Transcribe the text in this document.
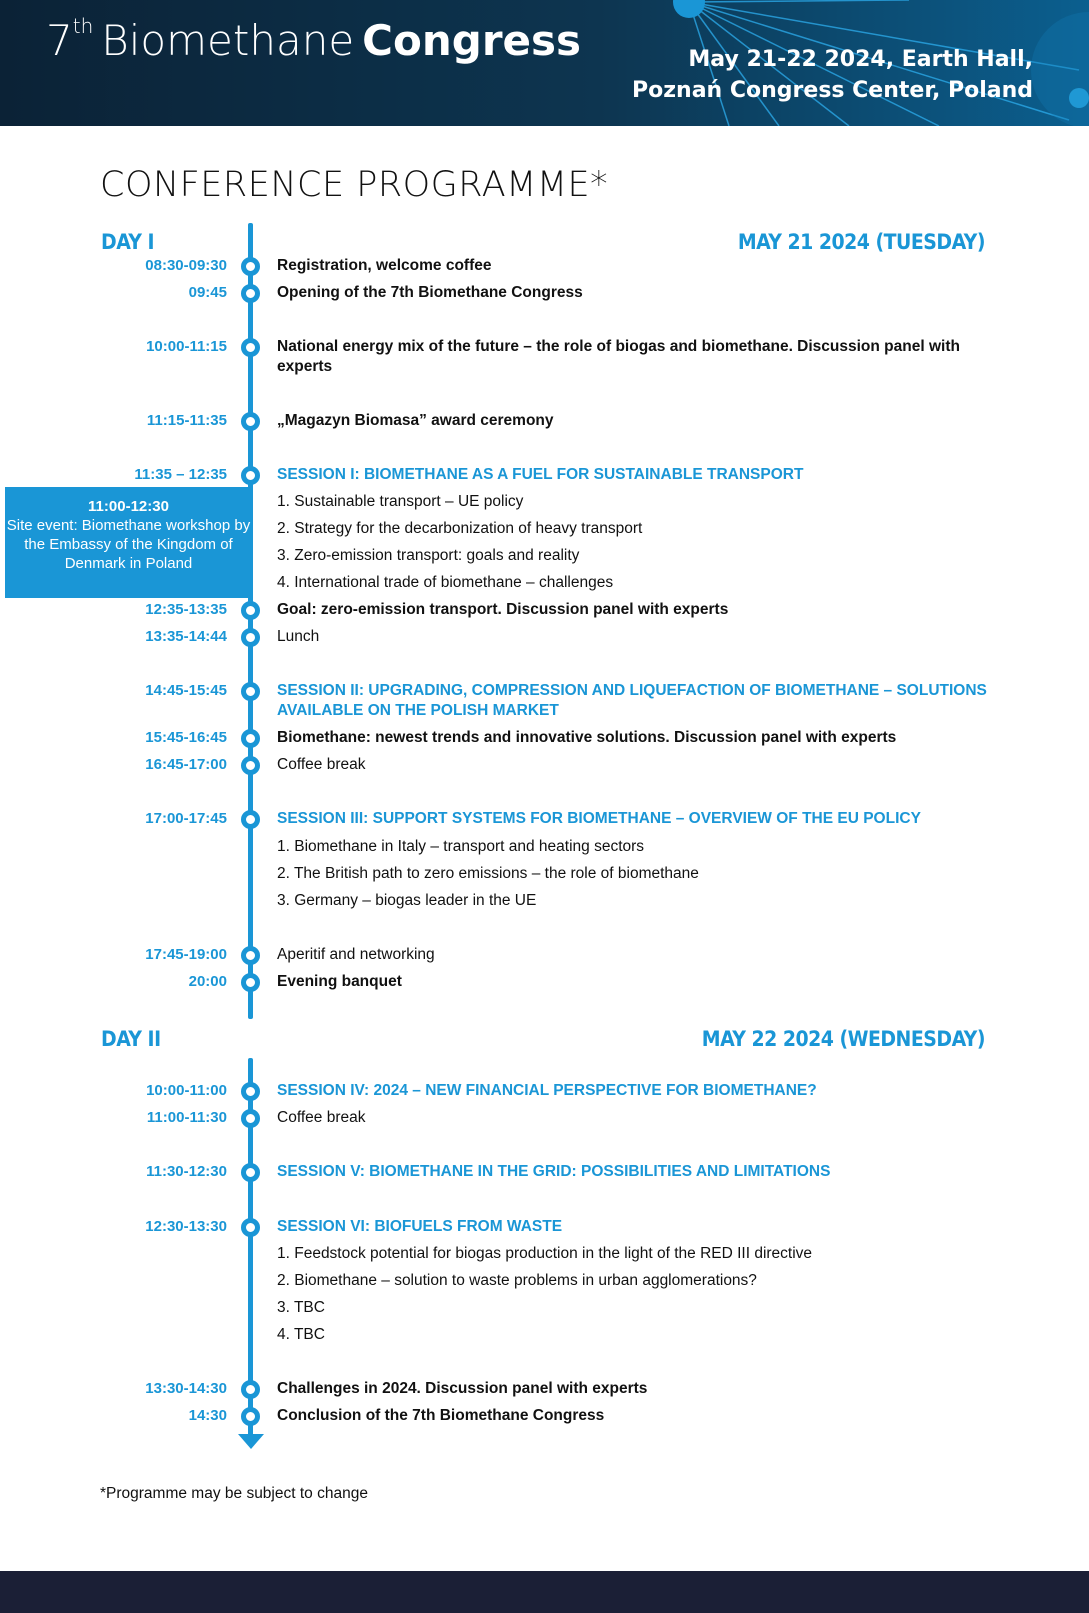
7th Biomethane Congress	May 21-22 2024, Earth Hall,
Poznań Congress Center, Poland
CONFERENCE PROGRAMME*
DAY I	MAY 21 2024 (TUESDAY)
08:30-09:30	Registration, welcome coffee
09:45	Opening of the 7th Biomethane Congress
10:00-11:15	National energy mix of the future – the role of biogas and biomethane. Discussion panel with experts
11:15-11:35	„Magazyn Biomasa” award ceremony
11:35 – 12:35	SESSION I: BIOMETHANE AS A FUEL FOR SUSTAINABLE TRANSPORT
1. Sustainable transport – UE policy
2. Strategy for the decarbonization of heavy transport
3. Zero-emission transport: goals and reality
4. International trade of biomethane – challenges
12:35-13:35	Goal: zero-emission transport. Discussion panel with experts
13:35-14:44	Lunch
14:45-15:45	SESSION II: UPGRADING, COMPRESSION AND LIQUEFACTION OF BIOMETHANE – SOLUTIONS AVAILABLE ON THE POLISH MARKET
15:45-16:45	Biomethane: newest trends and innovative solutions. Discussion panel with experts
16:45-17:00	Coffee break
17:00-17:45	SESSION III: SUPPORT SYSTEMS FOR BIOMETHANE – OVERVIEW OF THE EU POLICY
1. Biomethane in Italy – transport and heating sectors
2. The British path to zero emissions – the role of biomethane
3. Germany – biogas leader in the UE
17:45-19:00	Aperitif and networking
20:00	Evening banquet
11:00-12:30
Site event: Biomethane workshop by the Embassy of the Kingdom of Denmark in Poland
DAY II	MAY 22 2024 (WEDNESDAY)
10:00-11:00	SESSION IV: 2024 – NEW FINANCIAL PERSPECTIVE FOR BIOMETHANE?
11:00-11:30	Coffee break
11:30-12:30	SESSION V: BIOMETHANE IN THE GRID: POSSIBILITIES AND LIMITATIONS
12:30-13:30	SESSION VI: BIOFUELS FROM WASTE
1. Feedstock potential for biogas production in the light of the RED III directive
2. Biomethane – solution to waste problems in urban agglomerations?
3. TBC
4. TBC
13:30-14:30	Challenges in 2024. Discussion panel with experts
14:30	Conclusion of the 7th Biomethane Congress
*Programme may be subject to change
